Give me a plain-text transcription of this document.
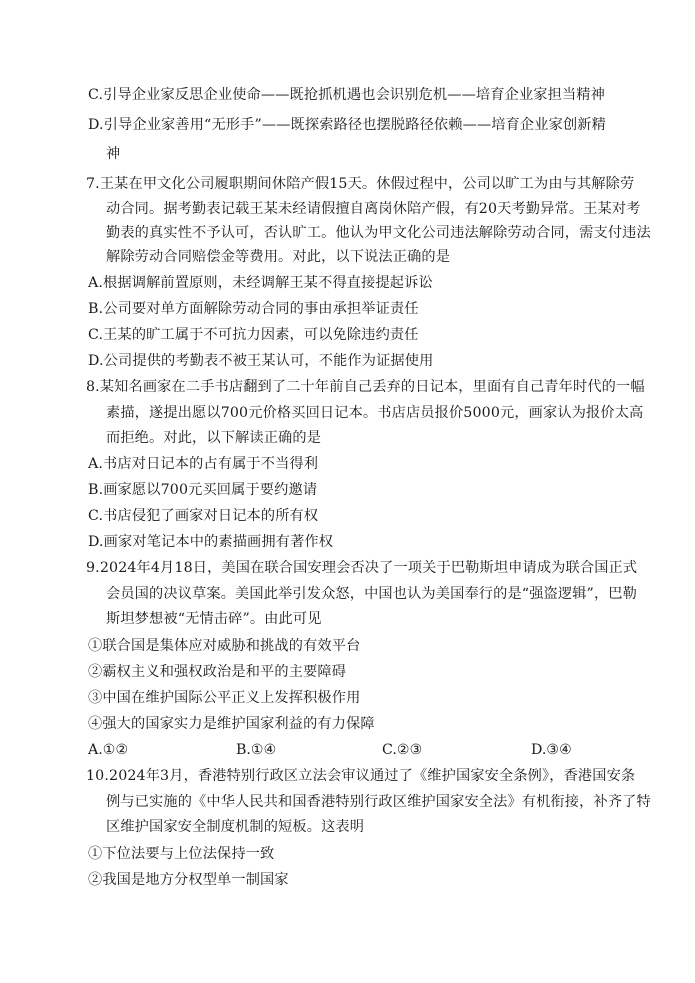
C.引导企业家反思企业使命——既抢抓机遇也会识别危机——培育企业家担当精神
D.引导企业家善用“无形手”——既探索路径也摆脱路径依赖——培育企业家创新精
神
7.王某在甲文化公司履职期间休陪产假15天。休假过程中，公司以旷工为由与其解除劳
动合同。据考勤表记载王某未经请假擅自离岗休陪产假，有20天考勤异常。王某对考
勤表的真实性不予认可，否认旷工。他认为甲文化公司违法解除劳动合同，需支付违法
解除劳动合同赔偿金等费用。对此，以下说法正确的是
A.根据调解前置原则，未经调解王某不得直接提起诉讼
B.公司要对单方面解除劳动合同的事由承担举证责任
C.王某的旷工属于不可抗力因素，可以免除违约责任
D.公司提供的考勤表不被王某认可，不能作为证据使用
8.某知名画家在二手书店翻到了二十年前自己丢弃的日记本，里面有自己青年时代的一幅
素描，遂提出愿以700元价格买回日记本。书店店员报价5000元，画家认为报价太高
而拒绝。对此，以下解读正确的是
A.书店对日记本的占有属于不当得利
B.画家愿以700元买回属于要约邀请
C.书店侵犯了画家对日记本的所有权
D.画家对笔记本中的素描画拥有著作权
9.2024年4月18日，美国在联合国安理会否决了一项关于巴勒斯坦申请成为联合国正式
会员国的决议草案。美国此举引发众怒，中国也认为美国奉行的是“强盗逻辑”，巴勒
斯坦梦想被“无情击碎”。由此可见
①联合国是集体应对威胁和挑战的有效平台
②霸权主义和强权政治是和平的主要障碍
③中国在维护国际公平正义上发挥积极作用
④强大的国家实力是维护国家利益的有力保障
A.①②	B.①④	C.②③	D.③④
10.2024年3月，香港特别行政区立法会审议通过了《维护国家安全条例》，香港国安条
例与已实施的《中华人民共和国香港特别行政区维护国家安全法》有机衔接，补齐了特
区维护国家安全制度机制的短板。这表明
①下位法要与上位法保持一致
②我国是地方分权型单一制国家
